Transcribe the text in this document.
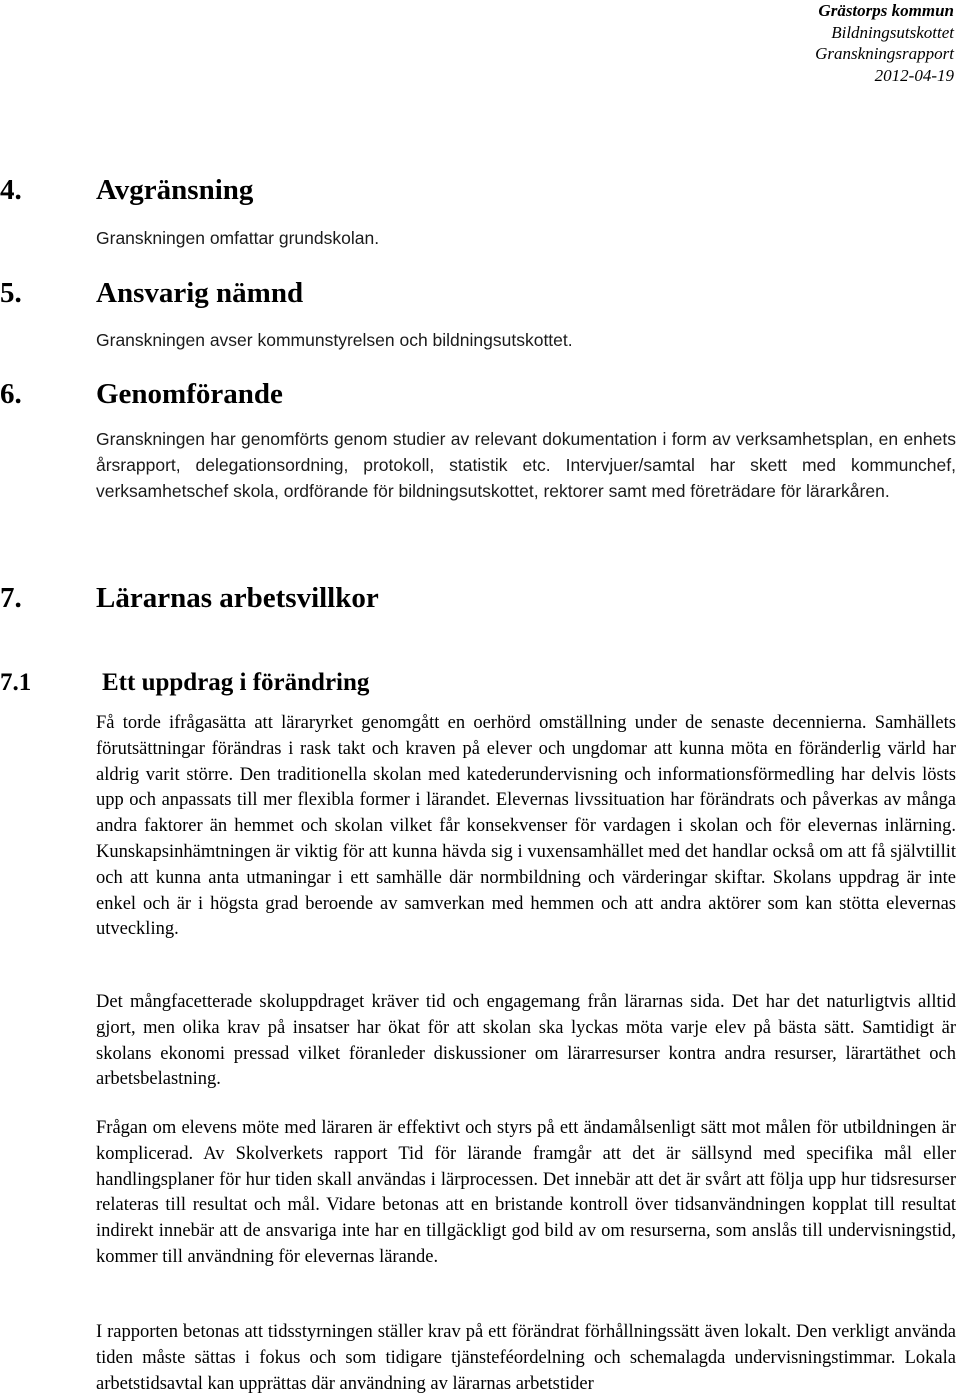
Grästorps kommun
Bildningsutskottet
Granskningsrapport
2012-04-19
4.	Avgränsning

Granskningen omfattar grundskolan.

5.	Ansvarig nämnd

Granskningen avser kommunstyrelsen och bildningsutskottet.

6.	Genomförande

Granskningen har genomförts genom studier av relevant dokumentation i form av verksamhetsplan, en enhets årsrapport, delegationsordning, protokoll, statistik etc. Intervjuer/samtal har skett med kommunchef, verksamhetschef skola, ordförande för bildningsutskottet, rektorer samt med företrädare för lärarkåren.

7.	Lärarnas arbetsvillkor
7.1	Ett uppdrag i förändring

Få torde ifrågasätta att läraryrket genomgått en oerhörd omställning under de senaste decennierna. Samhällets förutsättningar förändras i rask takt och kraven på elever och ungdomar att kunna möta en föränderlig värld har aldrig varit större. Den traditionella skolan med katederundervisning och informationsförmedling har delvis lösts upp och anpassats till mer flexibla former i lärandet. Elevernas livssituation har förändrats och påverkas av många andra faktorer än hemmet och skolan vilket får konsekvenser för vardagen i skolan och för elevernas inlärning. Kunskapsinhämtningen är viktig för att kunna hävda sig i vuxensamhället med det handlar också om att få självtillit och att kunna anta utmaningar i ett samhälle där normbildning och värderingar skiftar. Skolans uppdrag är inte enkel och är i högsta grad beroende av samverkan med hemmen och att andra aktörer som kan stötta elevernas utveckling.

Det mångfacetterade skoluppdraget kräver tid och engagemang från lärarnas sida. Det har det naturligtvis alltid gjort, men olika krav på insatser har ökat för att skolan ska lyckas möta varje elev på bästa sätt. Samtidigt är skolans ekonomi pressad vilket föranleder diskussioner om lärarresurser kontra andra resurser, lärartäthet och arbetsbelastning.

Frågan om elevens möte med läraren är effektivt och styrs på ett ändamålsenligt sätt mot målen för utbildningen är komplicerad. Av Skolverkets rapport Tid för lärande framgår att det är sällsynd med specifika mål eller handlingsplaner för hur tiden skall användas i lärprocessen. Det innebär att det är svårt att följa upp hur tidsresurser relateras till resultat och mål. Vidare betonas att en bristande kontroll över tidsanvändningen kopplat till resultat indirekt innebär att de ansvariga inte har en tillgäckligt god bild av om resurserna, som anslås till undervisningstid, kommer till användning för elevernas lärande.

I rapporten betonas att tidsstyrningen ställer krav på ett förändrat förhållningssätt även lokalt. Den verkligt använda tiden måste sättas i fokus och som tidigare tjänsteféordelning och schemalagda undervisningstimmar. Lokala arbetstidsavtal kan upprättas där användning av lärarnas arbetstider
